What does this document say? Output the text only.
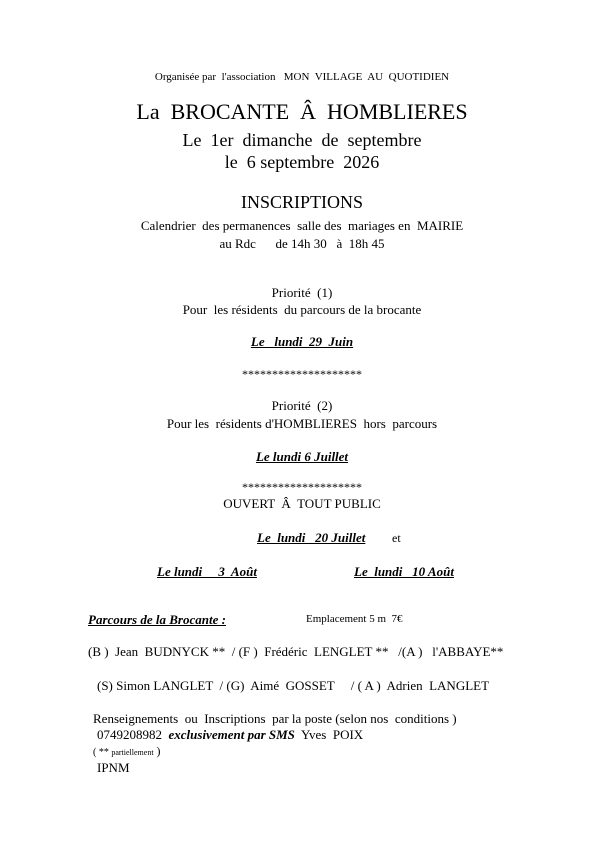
Organisée par  l'association   MON  VILLAGE  AU  QUOTIDIEN
La  BROCANTE  Â  HOMBLIERES
Le  1er  dimanche  de  septembre
le  6 septembre  2026
INSCRIPTIONS
Calendrier  des permanences  salle des  mariages en  MAIRIE
au Rdc      de 14h 30   à  18h 45
Priorité  (1)
Pour  les résidents  du parcours de la brocante
Le   lundi  29  Juin
********************
Priorité  (2)
Pour les  résidents d'HOMBLIERES  hors  parcours
Le lundi 6 Juillet
********************
OUVERT  Â  TOUT PUBLIC
Le  lundi   20 Juillet et
Le lundi     3  Août	Le  lundi   10 Août
Parcours de la Brocante :	Emplacement 5 m  7€
(B )  Jean  BUDNYCK **  / (F )  Frédéric  LENGLET **   /(A )   l'ABBAYE**
(S) Simon LANGLET  / (G)  Aimé  GOSSET     / ( A )  Adrien  LANGLET
Renseignements  ou  Inscriptions  par la poste (selon nos  conditions )
0749208982 exclusivement par SMS Yves  POIX
( ** partiellement )
IPNM
